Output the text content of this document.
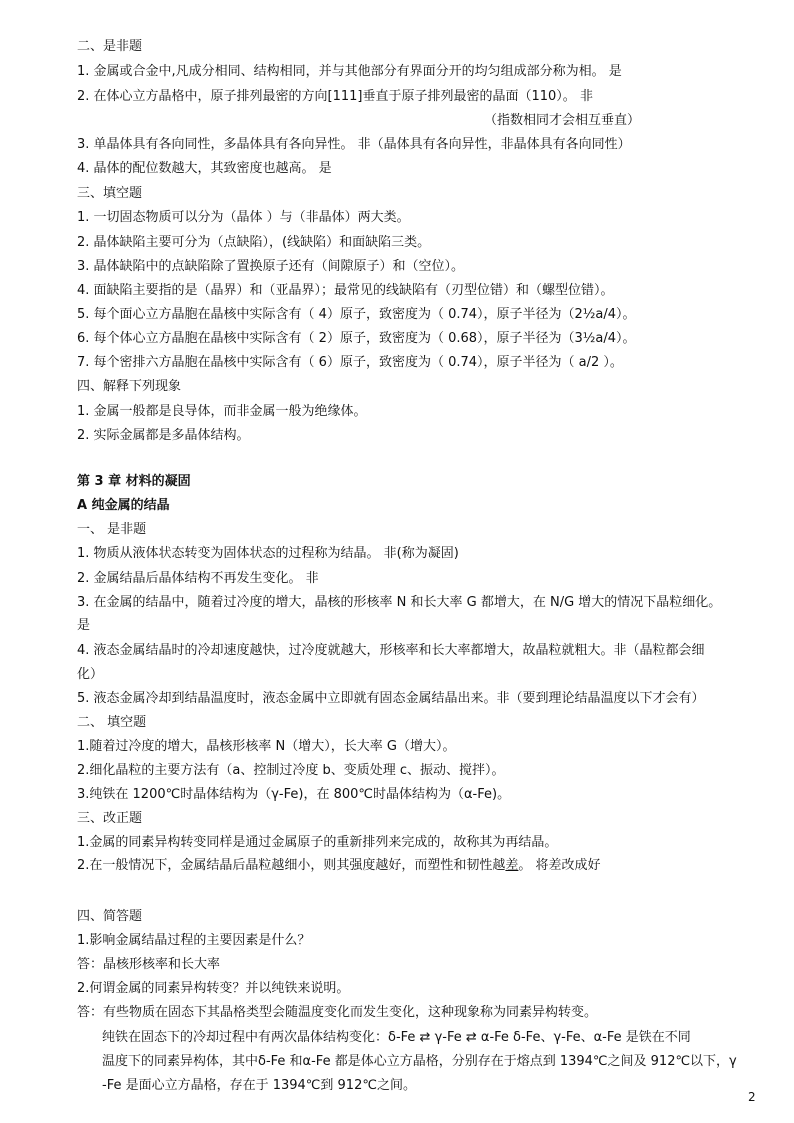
二、是非题
1. 金属或合金中,凡成分相同、结构相同，并与其他部分有界面分开的均匀组成部分称为相。 是
2. 在体心立方晶格中，原子排列最密的方向[111]垂直于原子排列最密的晶面（110）。 非
3. 单晶体具有各向同性，多晶体具有各向异性。 非（晶体具有各向异性，非晶体具有各向同性）
4. 晶体的配位数越大，其致密度也越高。 是
三、填空题
1. 一切固态物质可以分为（晶体 ）与（非晶体）两大类。
2. 晶体缺陷主要可分为（点缺陷），(线缺陷）和面缺陷三类。
3. 晶体缺陷中的点缺陷除了置换原子还有（间隙原子）和（空位）。
4. 面缺陷主要指的是（晶界）和（亚晶界）；最常见的线缺陷有（刃型位错）和（螺型位错）。
5. 每个面心立方晶胞在晶核中实际含有（ 4）原子，致密度为（ 0.74），原子半径为（2½a/4）。
6. 每个体心立方晶胞在晶核中实际含有（ 2）原子，致密度为（ 0.68），原子半径为（3½a/4）。
7. 每个密排六方晶胞在晶核中实际含有（ 6）原子，致密度为（ 0.74），原子半径为（ a/2 ）。
四、解释下列现象
1. 金属一般都是良导体，而非金属一般为绝缘体。
2. 实际金属都是多晶体结构。
第 3 章 材料的凝固
A 纯金属的结晶
一、 是非题
1. 物质从液体状态转变为固体状态的过程称为结晶。 非(称为凝固)
2. 金属结晶后晶体结构不再发生变化。 非
3. 在金属的结晶中，随着过冷度的增大，晶核的形核率 N 和长大率 G 都增大，在 N/G 增大的情况下晶粒细化。
是
4. 液态金属结晶时的冷却速度越快，过冷度就越大，形核率和长大率都增大，故晶粒就粗大。非（晶粒都会细
化）
5. 液态金属冷却到结晶温度时，液态金属中立即就有固态金属结晶出来。非（要到理论结晶温度以下才会有）
二、 填空题
1.随着过冷度的增大，晶核形核率 N（增大），长大率 G（增大）。
2.细化晶粒的主要方法有（a、控制过冷度 b、变质处理 c、振动、搅拌）。
3.纯铁在 1200℃时晶体结构为（γ-Fe)，在 800℃时晶体结构为（α-Fe)。
三、改正题
1.金属的同素异构转变同样是通过金属原子的重新排列来完成的，故称其为再结晶。
四、简答题
1.影响金属结晶过程的主要因素是什么？
答：晶核形核率和长大率
2.何谓金属的同素异构转变？并以纯铁来说明。
答：有些物质在固态下其晶格类型会随温度变化而发生变化，这种现象称为同素异构转变。
温度下的同素异构体，其中δ-Fe 和α-Fe 都是体心立方晶格，分别存在于熔点到 1394℃之间及 912℃以下，γ
-Fe 是面心立方晶格，存在于 1394℃到 912℃之间。
（指数相同才会相互垂直）
2.在一般情况下，金属结晶后晶粒越细小，则其强度越好，而塑性和韧性越差。 将差改成好
纯铁在固态下的冷却过程中有两次晶体结构变化：δ-Fe ⇄ γ-Fe ⇄ α-Fe δ-Fe、γ-Fe、α-Fe 是铁在不同
2
